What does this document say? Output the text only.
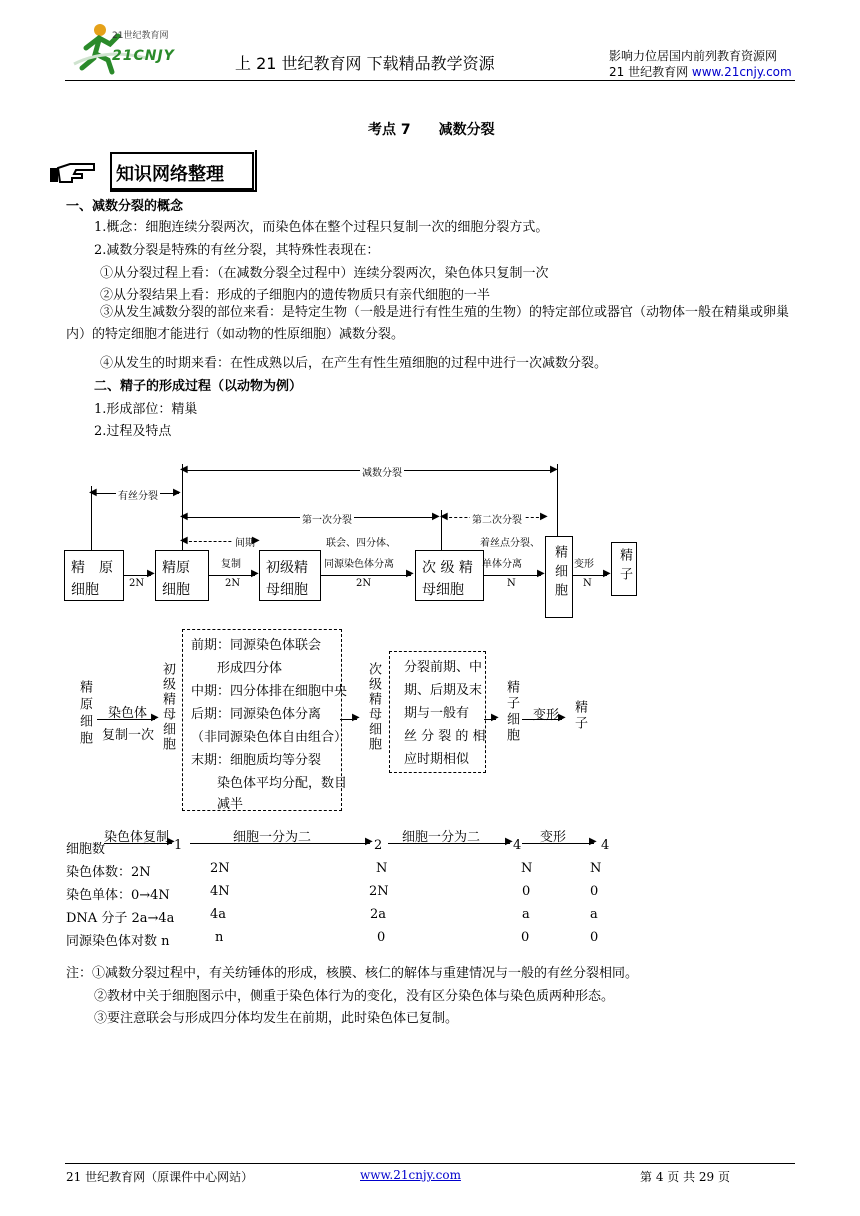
21世纪教育网
21CNJY	上 21 世纪教育网 下载精品教学资源	影响力位居国内前列教育资源网
21 世纪教育网 www.21cnjy.com
考点 7　　减数分裂
知识网络整理
一、减数分裂的概念
1.概念：细胞连续分裂两次，而染色体在整个过程只复制一次的细胞分裂方式。
2.减数分裂是特殊的有丝分裂，其特殊性表现在：
①从分裂过程上看：（在减数分裂全过程中）连续分裂两次，染色体只复制一次
②从分裂结果上看：形成的子细胞内的遗传物质只有亲代细胞的一半
③从发生减数分裂的部位来看：是特定生物（一般是进行有性生殖的生物）的特定部位或器官（动物体一般在精巢或卵巢内）的特定细胞才能进行（如动物的性原细胞）减数分裂。
④从发生的时期来看：在性成熟以后，在产生有性生殖细胞的过程中进行一次减数分裂。
二、精子的形成过程（以动物为例）
1.形成部位：精巢
2.过程及特点
减数分裂
◀	▶
有丝分裂
◀	▶
第一次分裂
◀	▶	第二次分裂
◀	▶
间期
◀	▶	联会、四分体、	着丝点分裂、
精　原
细胞
精原
细胞
初级精
母细胞
次 级 精
母细胞	精细胞	精子
▶
2N
▶
复制
2N
▶
同源染色体分离
2N
▶
单体分离
N
▶
变形
N
精原细胞 染色体 ▶
复制一次 初级精母细胞
前期：同源染色体联会
　　形成四分体
中期：四分体排在细胞中央
后期：同源染色体分离
（非同源染色体自由组合）
末期：细胞质均等分裂
　　染色体平均分配，数目
　　减半
▶ 次级精母细胞 分裂前期、中
期、后期及末
期与一般有
丝 分 裂 的 相
应时期相似
▶ 精子细胞 变形
▶ 精子
染色体复制
▶	细胞一分为二	▶ 细胞一分为二 ▶ 变形 ▶
细胞数	1	2	4	4
染色体数：2N	2N	N	N	N
染色单体：0→4N	4N	2N	0	0
DNA 分子 2a→4a	4a	2a	a	a
同源染色体对数 n	n	0	0	0
注：①减数分裂过程中，有关纺锤体的形成，核膜、核仁的解体与重建情况与一般的有丝分裂相同。
②教材中关于细胞图示中，侧重于染色体行为的变化，没有区分染色体与染色质两种形态。
③要注意联会与形成四分体均发生在前期，此时染色体已复制。
21 世纪教育网（原课件中心网站）	www.21cnjy.com	第 4 页 共 29 页
